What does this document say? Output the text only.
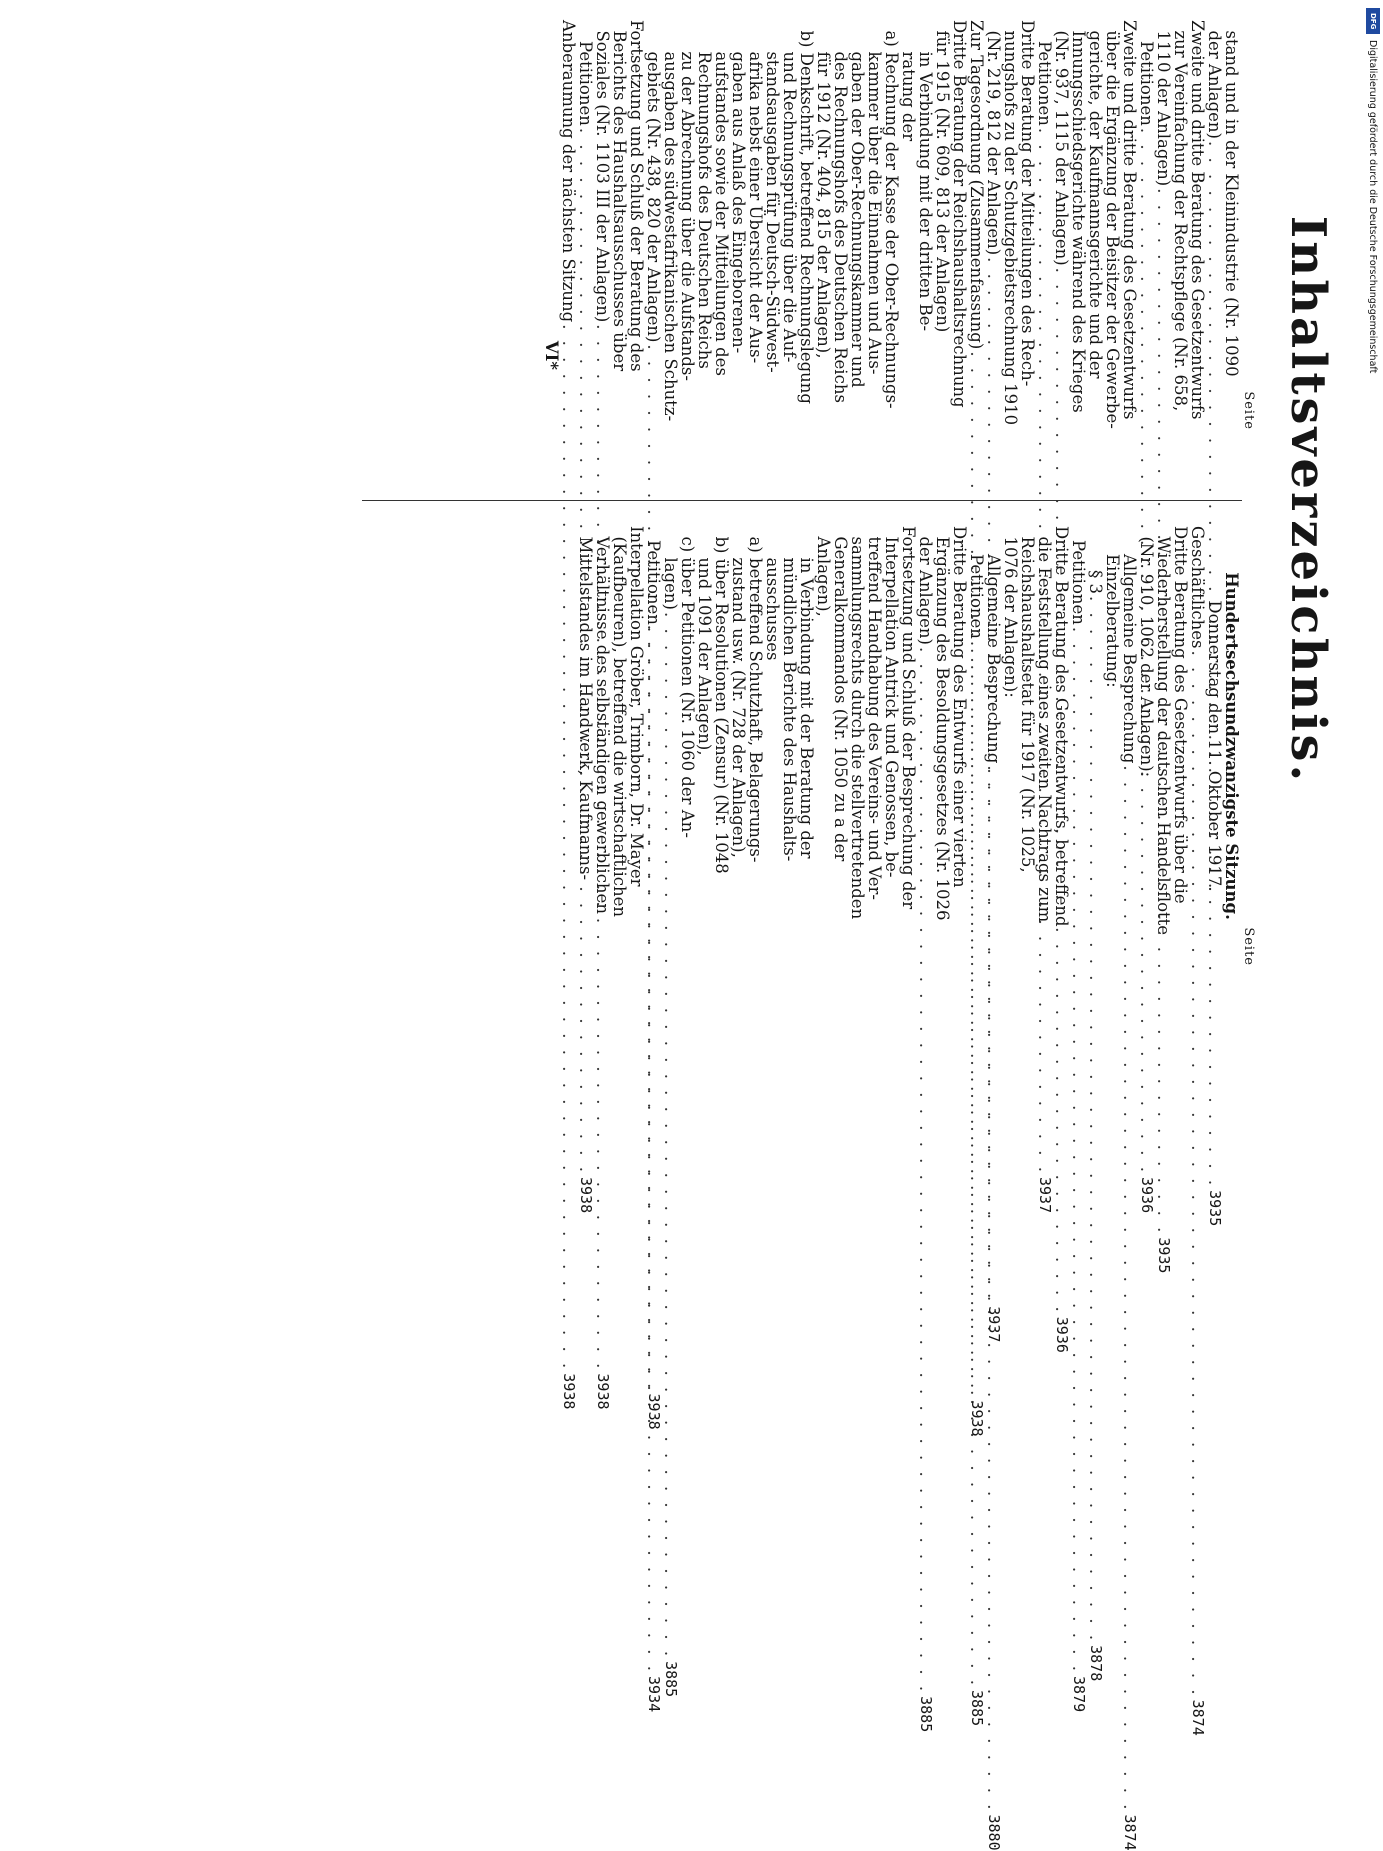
Inhaltsverzeichnis.
Seite
Hundertsechsundzwanzigste Sitzung.
Donnerstag den 11. Oktober 1917.
Geschäftliches
. . .
3874
Dritte Beratung des Gesetzentwurfs über die
Wiederherstellung der deutschen Handelsflotte
(Nr. 910, 1062 der Anlagen):
Allgemeine Besprechung
. . .
3874
Einzelberatung:
§ 3
. . .
3878
Petitionen
. . .
3879
Dritte Beratung des Gesetzentwurfs, betreffend
die Feststellung eines zweiten Nachtrags zum
Reichshaushaltsetat für 1917 (Nr. 1025,
1076 der Anlagen):
Allgemeine Besprechung
. . .
3880
Petitionen
. . .
3885
Dritte Beratung des Entwurfs einer vierten
Ergänzung des Besoldungsgesetzes (Nr. 1026
der Anlagen)
. . .
3885
Fortsetzung und Schluß der Besprechung der
Interpellation Antrick und Genossen, be-
treffend Handhabung des Vereins- und Ver-
sammlungsrechts durch die stellvertretenden
Generalkommandos (Nr. 1050 zu a der
Anlagen),
in Verbindung mit der Beratung der
mündlichen Berichte des Haushalts-
ausschusses
a) betreffend Schutzhaft, Belagerungs-
zustand usw. (Nr. 728 der Anlagen),
b) über Resolutionen (Zensur) (Nr. 1048
und 1091 der Anlagen),
c) über Petitionen (Nr. 1060 der An-
lagen)
. . .
3885
Petitionen
. . .
3934
Interpellation Gröber, Trimborn, Dr. Mayer
(Kaufbeuren), betreffend die wirtschaftlichen
Verhältnisse des selbständigen gewerblichen
Mittelstandes im Handwerk, Kaufmanns-
Seite
stand und in der Kleinindustrie (Nr. 1090
der Anlagen)
. . .
3935
Zweite und dritte Beratung des Gesetzentwurfs
zur Vereinfachung der Rechtspflege (Nr. 658,
1110 der Anlagen)
. . .
3935
Petitionen
. . .
3936
Zweite und dritte Beratung des Gesetzentwurfs
über die Ergänzung der Beisitzer der Gewerbe-
gerichte, der Kaufmannsgerichte und der
Innungsschiedsgerichte während des Krieges
(Nr. 937, 1115 der Anlagen)
. . .
3936
Petitionen
. . .
3937
Dritte Beratung der Mitteilungen des Rech-
nungshofs zu der Schutzgebietsrechnung 1910
(Nr. 219, 812 der Anlagen)
. . .
3937
Zur Tagesordnung (Zusammenfassung)
. . .
3938
Dritte Beratung der Reichshaushaltsrechnung
für 1915 (Nr. 609, 813 der Anlagen)
in Verbindung mit der dritten Be-
ratung der
a) Rechnung der Kasse der Ober-Rechnungs-
kammer über die Einnahmen und Aus-
gaben der Ober-Rechnungskammer und
des Rechnungshofs des Deutschen Reichs
für 1912 (Nr. 404, 815 der Anlagen),
b) Denkschrift, betreffend Rechnungslegung
und Rechnungsprüfung über die Auf-
standsausgaben für Deutsch-Südwest-
afrika nebst einer Übersicht der Aus-
gaben aus Anlaß des Eingeborenen-
aufstandes sowie der Mitteilungen des
Rechnungshofs des Deutschen Reichs
zu der Abrechnung über die Aufstands-
ausgaben des südwestafrikanischen Schutz-
gebiets (Nr. 438, 820 der Anlagen)
. . .
3938
Fortsetzung und Schluß der Beratung des
Berichts des Haushaltsausschusses über
Soziales (Nr. 1103 III der Anlagen)
. . .
3938
Petitionen
. . .
3938
Anberaumung der nächsten Sitzung
. . .
3938
VI*
DFG
Digitalisierung gefördert durch die Deutsche Forschungsgemeinschaft
